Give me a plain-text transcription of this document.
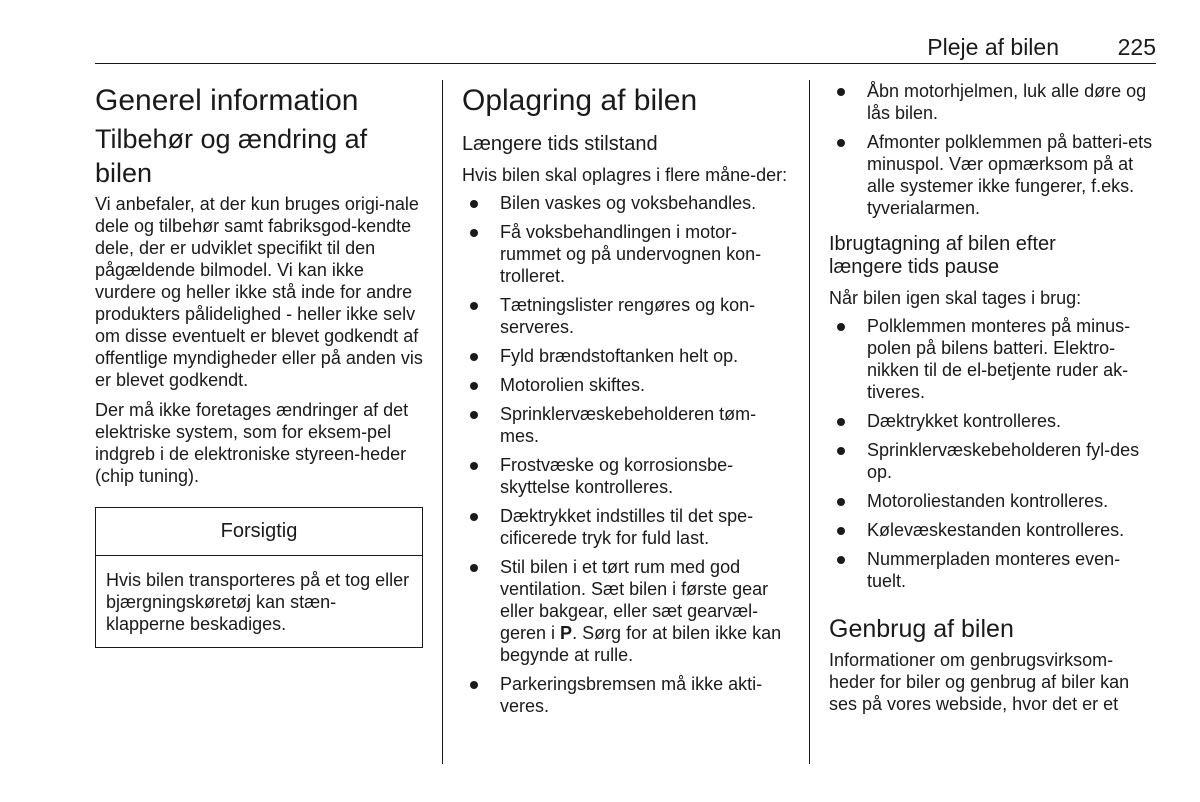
Pleje af bilen	225
Generel information
Tilbehør og ændring af bilen

Vi anbefaler, at der kun bruges origi-nale dele og tilbehør samt fabriksgod-kendte dele, der er udviklet specifikt til den pågældende bilmodel. Vi kan ikke vurdere og heller ikke stå inde for andre produkters pålidelighed - heller ikke selv om disse eventuelt er blevet godkendt af offentlige myndigheder eller på anden vis er blevet godkendt.

Der må ikke foretages ændringer af det elektriske system, som for eksem-pel indgreb i de elektroniske styreen-heder (chip tuning).

Forsigtig
Hvis bilen transporteres på et tog eller bjærgningskøretøj kan stæn-klapperne beskadiges.
Oplagring af bilen
Længere tids stilstand

Hvis bilen skal oplagres i flere måne-der:

Bilen vaskes og voksbehandles.
Få voksbehandlingen i motor-rummet og på undervognen kon-trolleret.
Tætningslister rengøres og kon-serveres.
Fyld brændstoftanken helt op.
Motorolien skiftes.
Sprinklervæskebeholderen tøm-mes.
Frostvæske og korrosionsbe-skyttelse kontrolleres.
Dæktrykket indstilles til det spe-cificerede tryk for fuld last.
Stil bilen i et tørt rum med god ventilation. Sæt bilen i første gear eller bakgear, eller sæt gearvæl-geren i P. Sørg for at bilen ikke kan begynde at rulle.
Parkeringsbremsen må ikke akti-veres.
Åbn motorhjelmen, luk alle døre og lås bilen.
Afmonter polklemmen på batteri-ets minuspol. Vær opmærksom på at alle systemer ikke fungerer, f.eks. tyverialarmen.
Ibrugtagning af bilen efter
længere tids pause

Når bilen igen skal tages i brug:

Polklemmen monteres på minus-polen på bilens batteri. Elektro-nikken til de el-betjente ruder ak-tiveres.
Dæktrykket kontrolleres.
Sprinklervæskebeholderen fyl-des op.
Motoroliestanden kontrolleres.
Kølevæskestanden kontrolleres.
Nummerpladen monteres even-tuelt.
Genbrug af bilen

Informationer om genbrugsvirksom-heder for biler og genbrug af biler kan ses på vores webside, hvor det er et
